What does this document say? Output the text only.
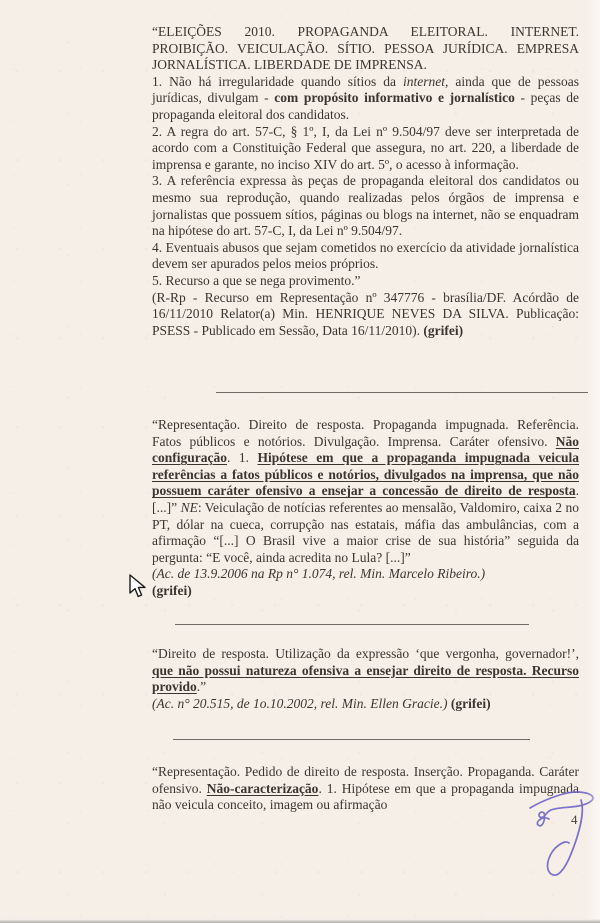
“ELEIÇÕES 2010. PROPAGANDA ELEITORAL. INTERNET. PROIBIÇÃO. VEICULAÇÃO. SÍTIO. PESSOA JURÍDICA. EMPRESA JORNALÍSTICA. LIBERDADE DE IMPRENSA.

1. Não há irregularidade quando sítios da internet, ainda que de pessoas jurídicas, divulgam - com propósito informativo e jornalístico - peças de propaganda eleitoral dos candidatos.

2. A regra do art. 57-C, § 1º, I, da Lei nº 9.504/97 deve ser interpretada de acordo com a Constituição Federal que assegura, no art. 220, a liberdade de imprensa e garante, no inciso XIV do art. 5º, o acesso à informação.

3. A referência expressa às peças de propaganda eleitoral dos candidatos ou mesmo sua reprodução, quando realizadas pelos órgãos de imprensa e jornalistas que possuem sítios, páginas ou blogs na internet, não se enquadram na hipótese do art. 57-C, I, da Lei nº 9.504/97.

4. Eventuais abusos que sejam cometidos no exercício da atividade jornalística devem ser apurados pelos meios próprios.

5. Recurso a que se nega provimento.”

(R-Rp - Recurso em Representação nº 347776 - brasília/DF. Acórdão de 16/11/2010 Relator(a) Min. HENRIQUE NEVES DA SILVA. Publicação: PSESS - Publicado em Sessão, Data 16/11/2010). (grifei)

“Representação. Direito de resposta. Propaganda impugnada. Referência. Fatos públicos e notórios. Divulgação. Imprensa. Caráter ofensivo. Não configuração. 1. Hipótese em que a propaganda impugnada veicula referências a fatos públicos e notórios, divulgados na imprensa, que não possuem caráter ofensivo a ensejar a concessão de direito de resposta. [...]” NE: Veiculação de notícias referentes ao mensalão, Valdomiro, caixa 2 no PT, dólar na cueca, corrupção nas estatais, máfia das ambulâncias, com a afirmação “[...] O Brasil vive a maior crise de sua história” seguida da pergunta: “E você, ainda acredita no Lula? [...]”

(Ac. de 13.9.2006 na Rp n° 1.074, rel. Min. Marcelo Ribeiro.)
(grifei)

“Direito de resposta. Utilização da expressão ‘que vergonha, governador!’, que não possui natureza ofensiva a ensejar direito de resposta. Recurso provido.”

(Ac. n° 20.515, de 1o.10.2002, rel. Min. Ellen Gracie.) (grifei)

“Representação. Pedido de direito de resposta. Inserção. Propaganda. Caráter ofensivo. Não-caracterização. 1. Hipótese em que a propaganda impugnada não veicula conceito, imagem ou afirmação

4
